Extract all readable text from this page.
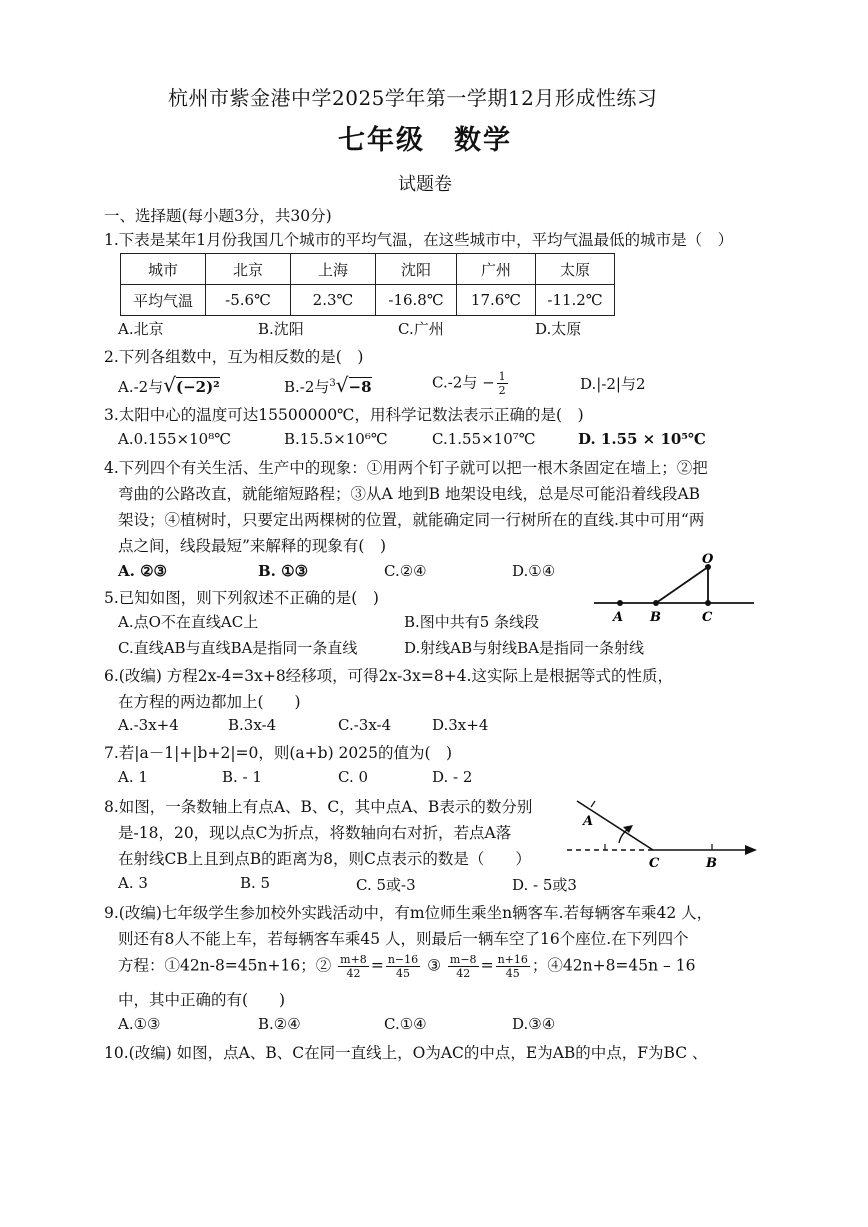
杭州市紫金港中学2025学年第一学期12月形成性练习
七年级　数学
试题卷
一、选择题(每小题3分，共30分)
1.下表是某年1月份我国几个城市的平均气温，在这些城市中，平均气温最低的城市是（　）
城市	北京	上海	沈阳	广州	太原
平均气温	-5.6℃	2.3℃	-16.8℃	17.6℃	-11.2℃
A.北京	B.沈阳	C.广州	D.太原
2.下列各组数中，互为相反数的是(　)
A.-2与√(−2)²	B.-2与$^3$√−8	C.-2与 − $\frac{1}{2}$	D.|-2|与2
3.太阳中心的温度可达15500000℃，用科学记数法表示正确的是(　)
A.0.155×10⁸℃	B.15.5×10⁶℃	C.1.55×10⁷℃	D. 1.55 × 10⁵℃
4.下列四个有关生活、生产中的现象：①用两个钉子就可以把一根木条固定在墙上；②把
弯曲的公路改直，就能缩短路程；③从A 地到B 地架设电线，总是尽可能沿着线段AB
架设；④植树时，只要定出两棵树的位置，就能确定同一行树所在的直线.其中可用“两
点之间，线段最短”来解释的现象有(　)
A. ②③	B. ①③	C.②④	D.①④
O
A B	C
5.已知如图，则下列叙述不正确的是(　)
A.点O不在直线AC上	B.图中共有5 条线段
C.直线AB与直线BA是指同一条直线	D.射线AB与射线BA是指同一条射线
6.(改编) 方程2x-4=3x+8经移项，可得2x-3x=8+4.这实际上是根据等式的性质，
在方程的两边都加上(　　)
A.-3x+4	B.3x-4	C.-3x-4	D.3x+4
7.若|a－1|+|b+2|=0，则(a+b) 2025的值为(　)
A. 1	B. - 1	C. 0	D. - 2
A
C	B
8.如图，一条数轴上有点A、B、C，其中点A、B表示的数分别
是-18，20，现以点C为折点，将数轴向右对折，若点A落
在射线CB上且到点B的距离为8，则C点表示的数是（　　）
A. 3	B. 5	C. 5或-3	D. - 5或3
9.(改编)七年级学生参加校外实践活动中，有m位师生乘坐n辆客车.若每辆客车乘42 人，
则还有8人不能上车，若每辆客车乘45 人，则最后一辆车空了16个座位.在下列四个
方程：①42n-8=45n+16；② $\frac{m+8}{42} = \frac{n-16}{45}$ ③ $\frac{m-8}{42} = \frac{n+16}{45}$ ；④42n+8=45n – 16
中，其中正确的有(　　)
A.①③	B.②④	C.①④	D.③④
10.(改编) 如图，点A、B、C在同一直线上，O为AC的中点，E为AB的中点，F为BC 、
